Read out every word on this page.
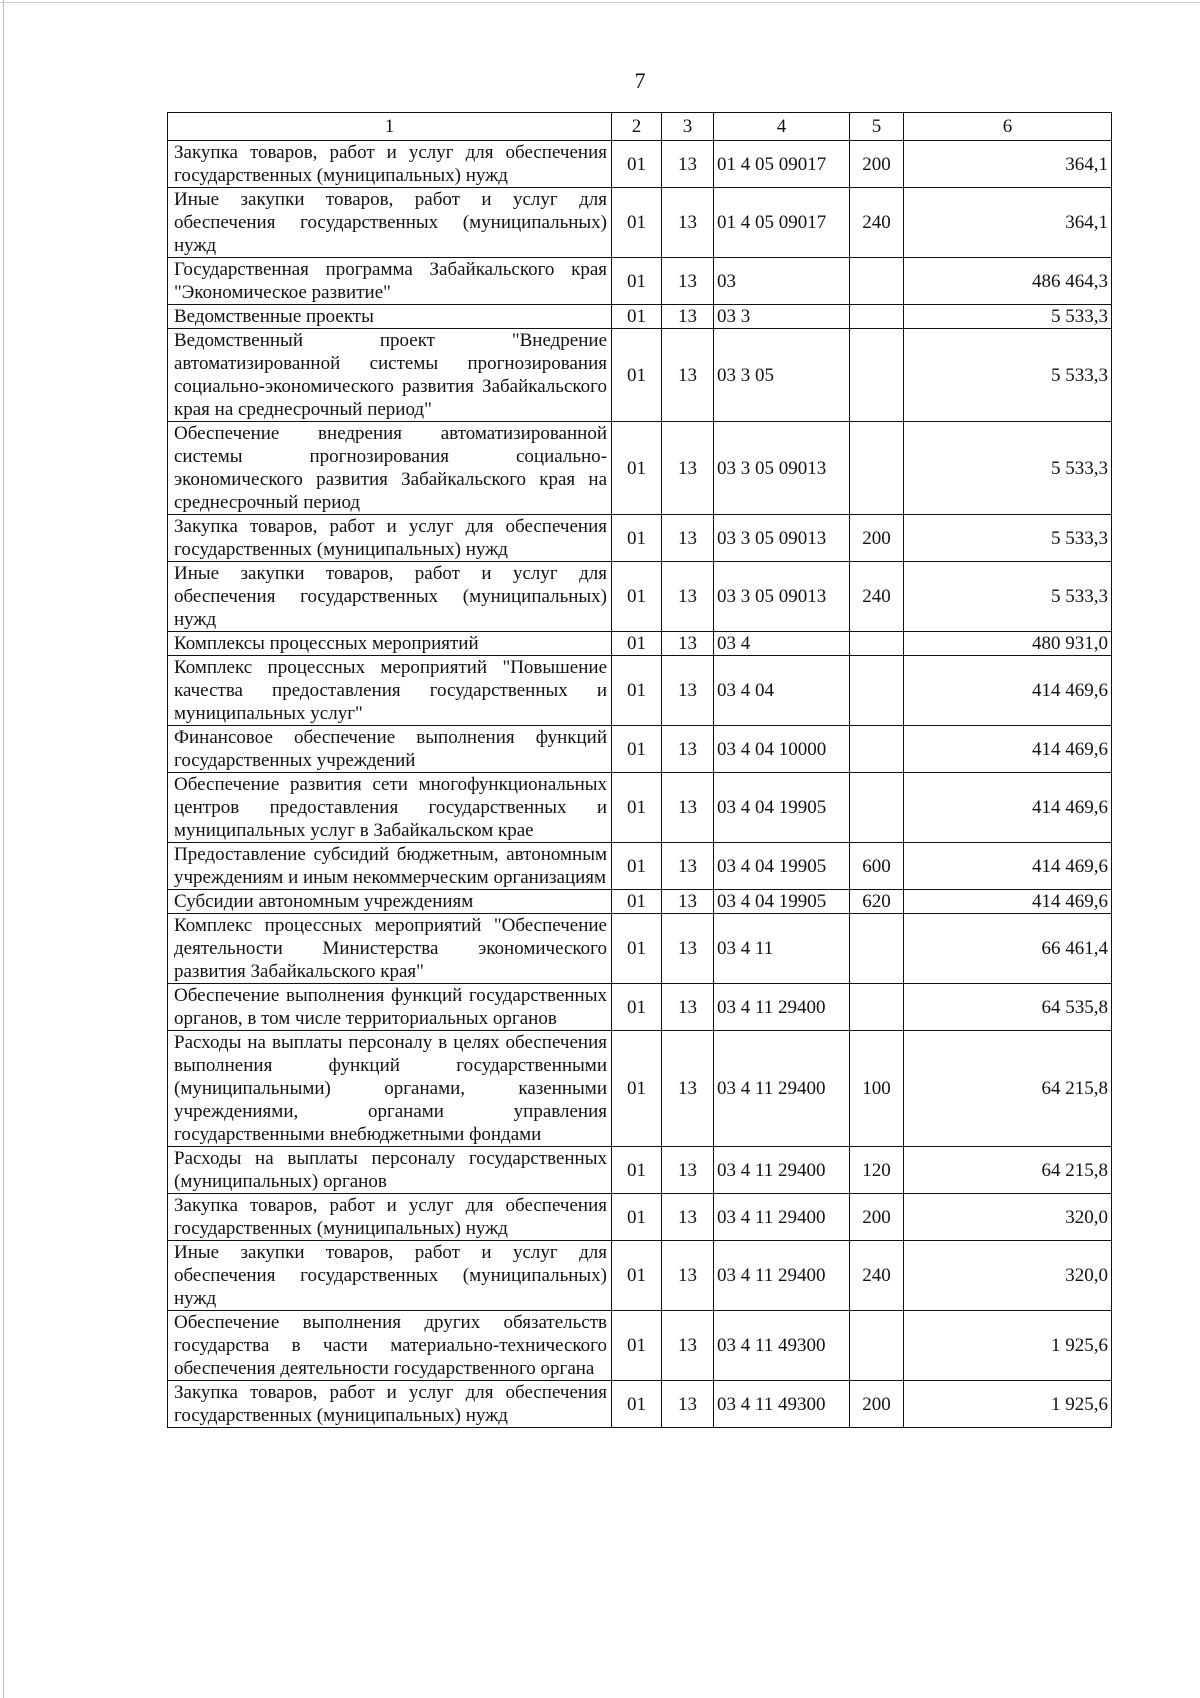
7
1	2	3	4	5	6
Закупка товаров, работ и услуг для обеспечения государственных (муниципальных) нужд	01	13	01 4 05 09017	200	364,1
Иные закупки товаров, работ и услуг для обеспечения государственных (муниципальных) нужд	01	13	01 4 05 09017	240	364,1
Государственная программа Забайкальского края "Экономическое развитие"	01	13	03		486 464,3
Ведомственные проекты	01	13	03 3		5 533,3
Ведомственный проект "Внедрение автоматизированной системы прогнозирования социально-экономического развития Забайкальского края на среднесрочный период"	01	13	03 3 05		5 533,3
Обеспечение внедрения автоматизированной системы прогнозирования социально-экономического развития Забайкальского края на среднесрочный период	01	13	03 3 05 09013		5 533,3
Закупка товаров, работ и услуг для обеспечения государственных (муниципальных) нужд	01	13	03 3 05 09013	200	5 533,3
Иные закупки товаров, работ и услуг для обеспечения государственных (муниципальных) нужд	01	13	03 3 05 09013	240	5 533,3
Комплексы процессных мероприятий	01	13	03 4		480 931,0
Комплекс процессных мероприятий "Повышение качества предоставления государственных и муниципальных услуг"	01	13	03 4 04		414 469,6
Финансовое обеспечение выполнения функций государственных учреждений	01	13	03 4 04 10000		414 469,6
Обеспечение развития сети многофункциональных центров предоставления государственных и муниципальных услуг в Забайкальском крае	01	13	03 4 04 19905		414 469,6
Предоставление субсидий бюджетным, автономным учреждениям и иным некоммерческим организациям	01	13	03 4 04 19905	600	414 469,6
Субсидии автономным учреждениям	01	13	03 4 04 19905	620	414 469,6
Комплекс процессных мероприятий "Обеспечение деятельности Министерства экономического развития Забайкальского края"	01	13	03 4 11		66 461,4
Обеспечение выполнения функций государственных органов, в том числе территориальных органов	01	13	03 4 11 29400		64 535,8
Расходы на выплаты персоналу в целях обеспечения выполнения функций государственными (муниципальными) органами, казенными учреждениями, органами управления государственными внебюджетными фондами	01	13	03 4 11 29400	100	64 215,8
Расходы на выплаты персоналу государственных (муниципальных) органов	01	13	03 4 11 29400	120	64 215,8
Закупка товаров, работ и услуг для обеспечения государственных (муниципальных) нужд	01	13	03 4 11 29400	200	320,0
Иные закупки товаров, работ и услуг для обеспечения государственных (муниципальных) нужд	01	13	03 4 11 29400	240	320,0
Обеспечение выполнения других обязательств государства в части материально-технического обеспечения деятельности государственного органа	01	13	03 4 11 49300		1 925,6
Закупка товаров, работ и услуг для обеспечения государственных (муниципальных) нужд	01	13	03 4 11 49300	200	1 925,6
